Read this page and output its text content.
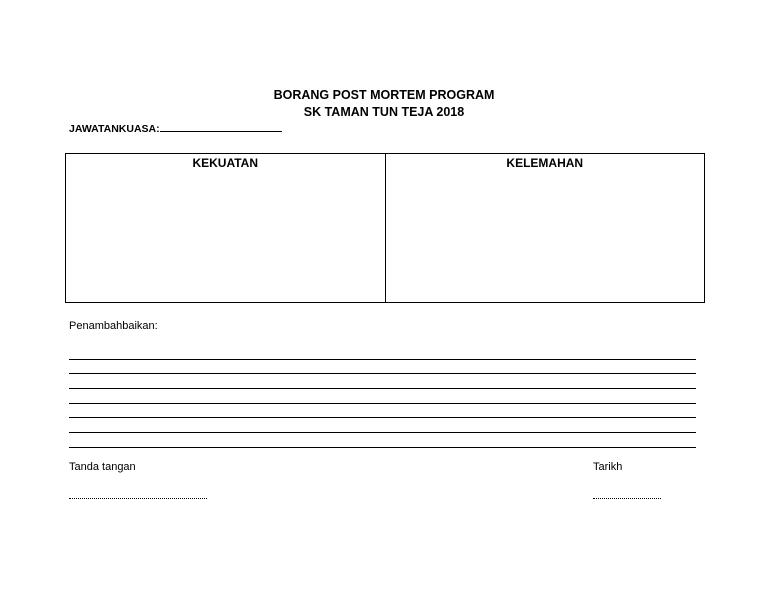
BORANG POST MORTEM PROGRAM
SK TAMAN TUN TEJA 2018
JAWATANKUASA:
KEKUATAN	KELEMAHAN
Penambahbaikan:
Tanda tangan	Tarikh
